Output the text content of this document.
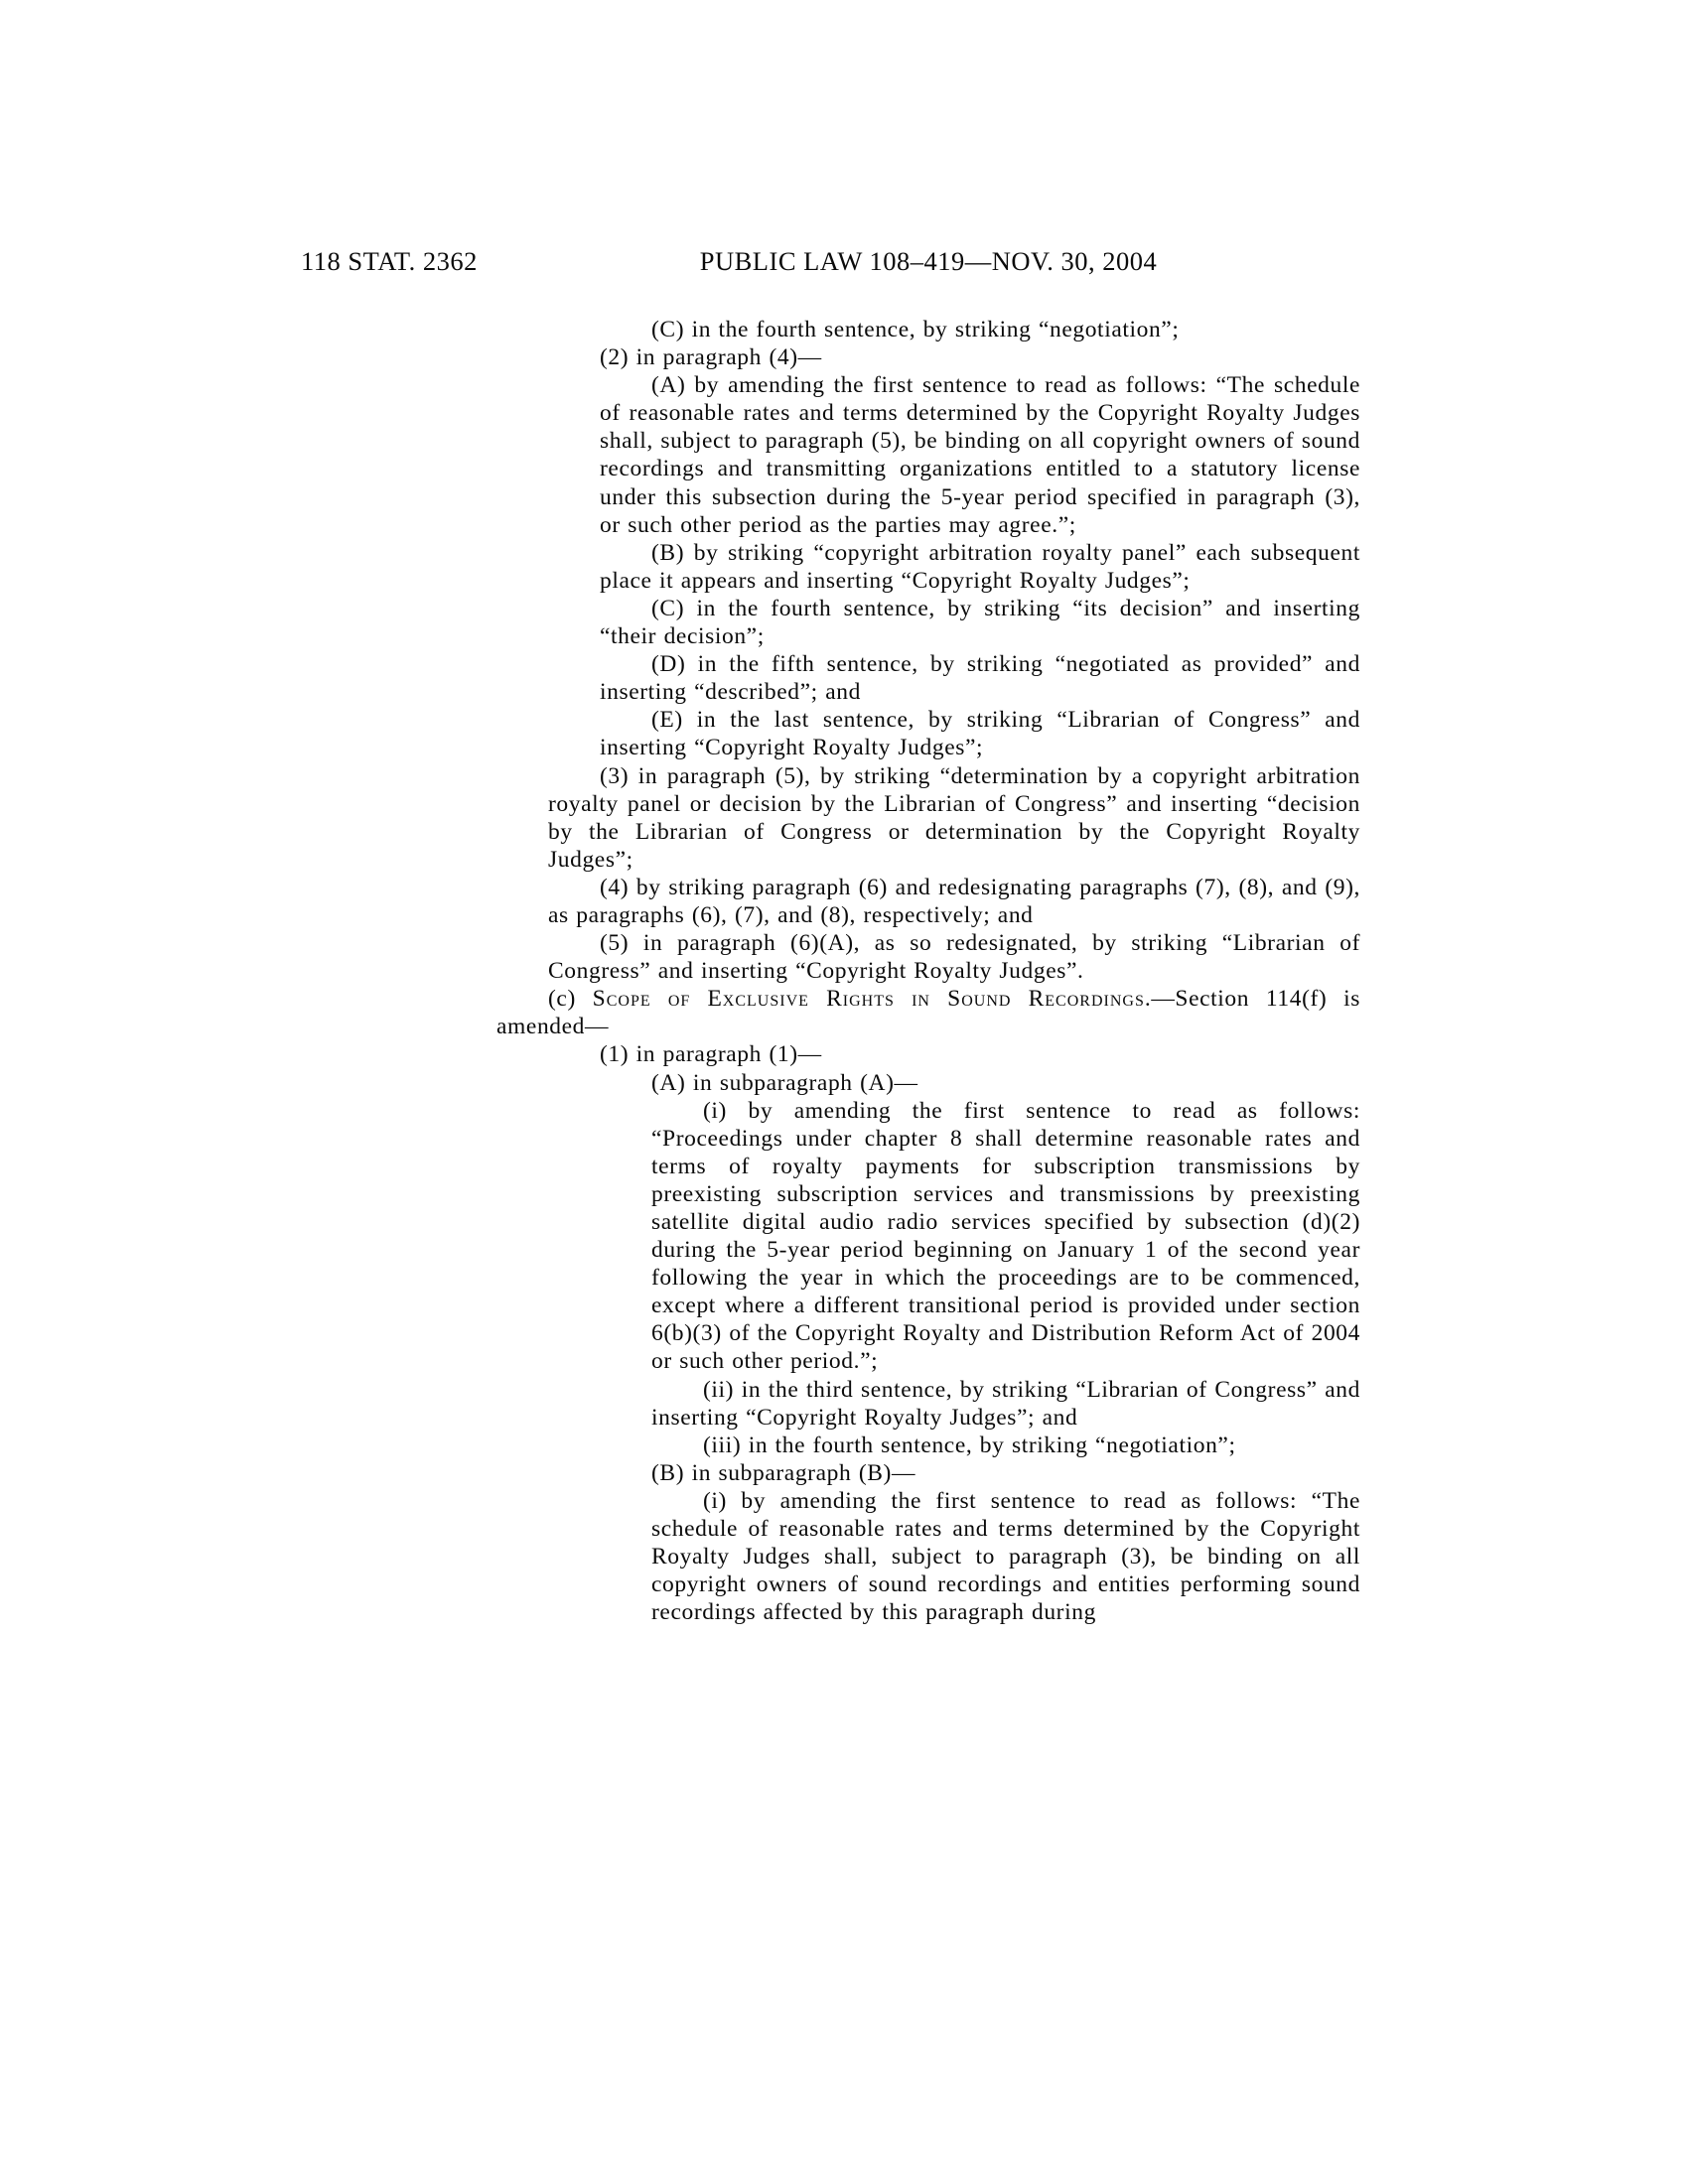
118 STAT. 2362	PUBLIC LAW 108–419—NOV. 30, 2004

(C) in the fourth sentence, by striking “negotiation”;

(2) in paragraph (4)—

(A) by amending the first sentence to read as follows: “The schedule of reasonable rates and terms determined by the Copyright Royalty Judges shall, subject to paragraph (5), be binding on all copyright owners of sound recordings and transmitting organizations entitled to a statutory license under this subsection during the 5-year period specified in paragraph (3), or such other period as the parties may agree.”;

(B) by striking “copyright arbitration royalty panel” each subsequent place it appears and inserting “Copyright Royalty Judges”;

(C) in the fourth sentence, by striking “its decision” and inserting “their decision”;

(D) in the fifth sentence, by striking “negotiated as provided” and inserting “described”; and

(E) in the last sentence, by striking “Librarian of Congress” and inserting “Copyright Royalty Judges”;

(3) in paragraph (5), by striking “determination by a copyright arbitration royalty panel or decision by the Librarian of Congress” and inserting “decision by the Librarian of Congress or determination by the Copyright Royalty Judges”;

(4) by striking paragraph (6) and redesignating paragraphs (7), (8), and (9), as paragraphs (6), (7), and (8), respectively; and

(5) in paragraph (6)(A), as so redesignated, by striking “Librarian of Congress” and inserting “Copyright Royalty Judges”.

(c) Scope of Exclusive Rights in Sound Recordings.—Section 114(f) is amended—

(1) in paragraph (1)—

(A) in subparagraph (A)—

(i) by amending the first sentence to read as follows: “Proceedings under chapter 8 shall determine reasonable rates and terms of royalty payments for subscription transmissions by preexisting subscription services and transmissions by preexisting satellite digital audio radio services specified by subsection (d)(2) during the 5-year period beginning on January 1 of the second year following the year in which the proceedings are to be commenced, except where a different transitional period is provided under section 6(b)(3) of the Copyright Royalty and Distribution Reform Act of 2004 or such other period.”;

(ii) in the third sentence, by striking “Librarian of Congress” and inserting “Copyright Royalty Judges”; and

(iii) in the fourth sentence, by striking “negotiation”;

(B) in subparagraph (B)—

(i) by amending the first sentence to read as follows: “The schedule of reasonable rates and terms determined by the Copyright Royalty Judges shall, subject to paragraph (3), be binding on all copyright owners of sound recordings and entities performing sound recordings affected by this paragraph during
